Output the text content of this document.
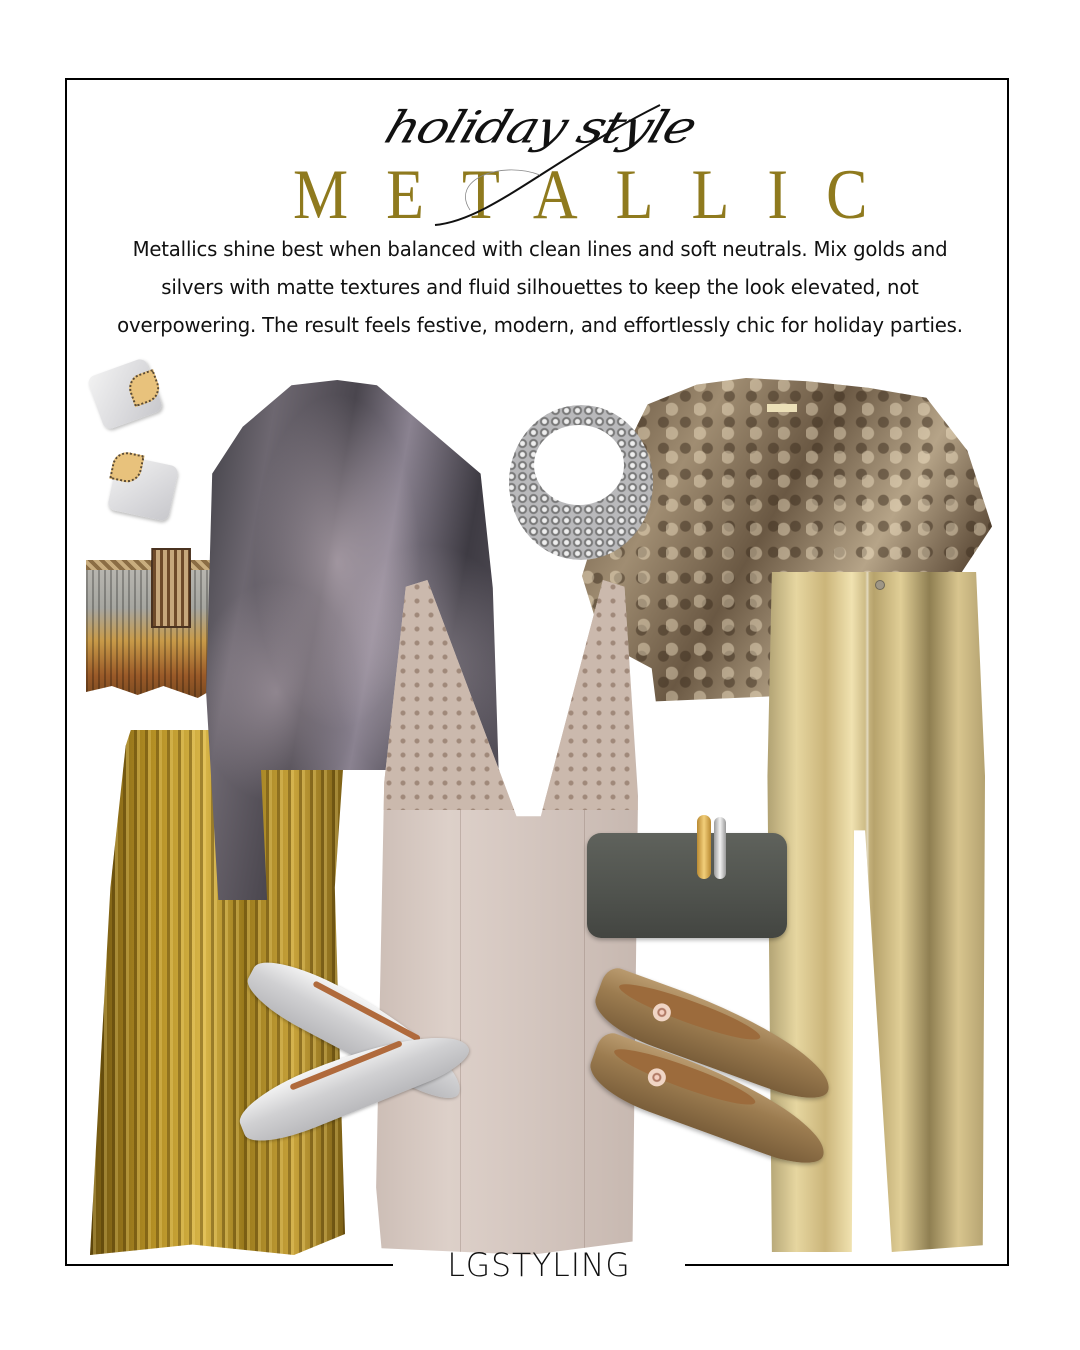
METALLIC
holiday style
Metallics shine best when balanced with clean lines and soft neutrals. Mix golds and silvers with matte textures and fluid silhouettes to keep the look elevated, not overpowering. The result feels festive, modern, and effortlessly chic for holiday parties.
LGSTYLING
